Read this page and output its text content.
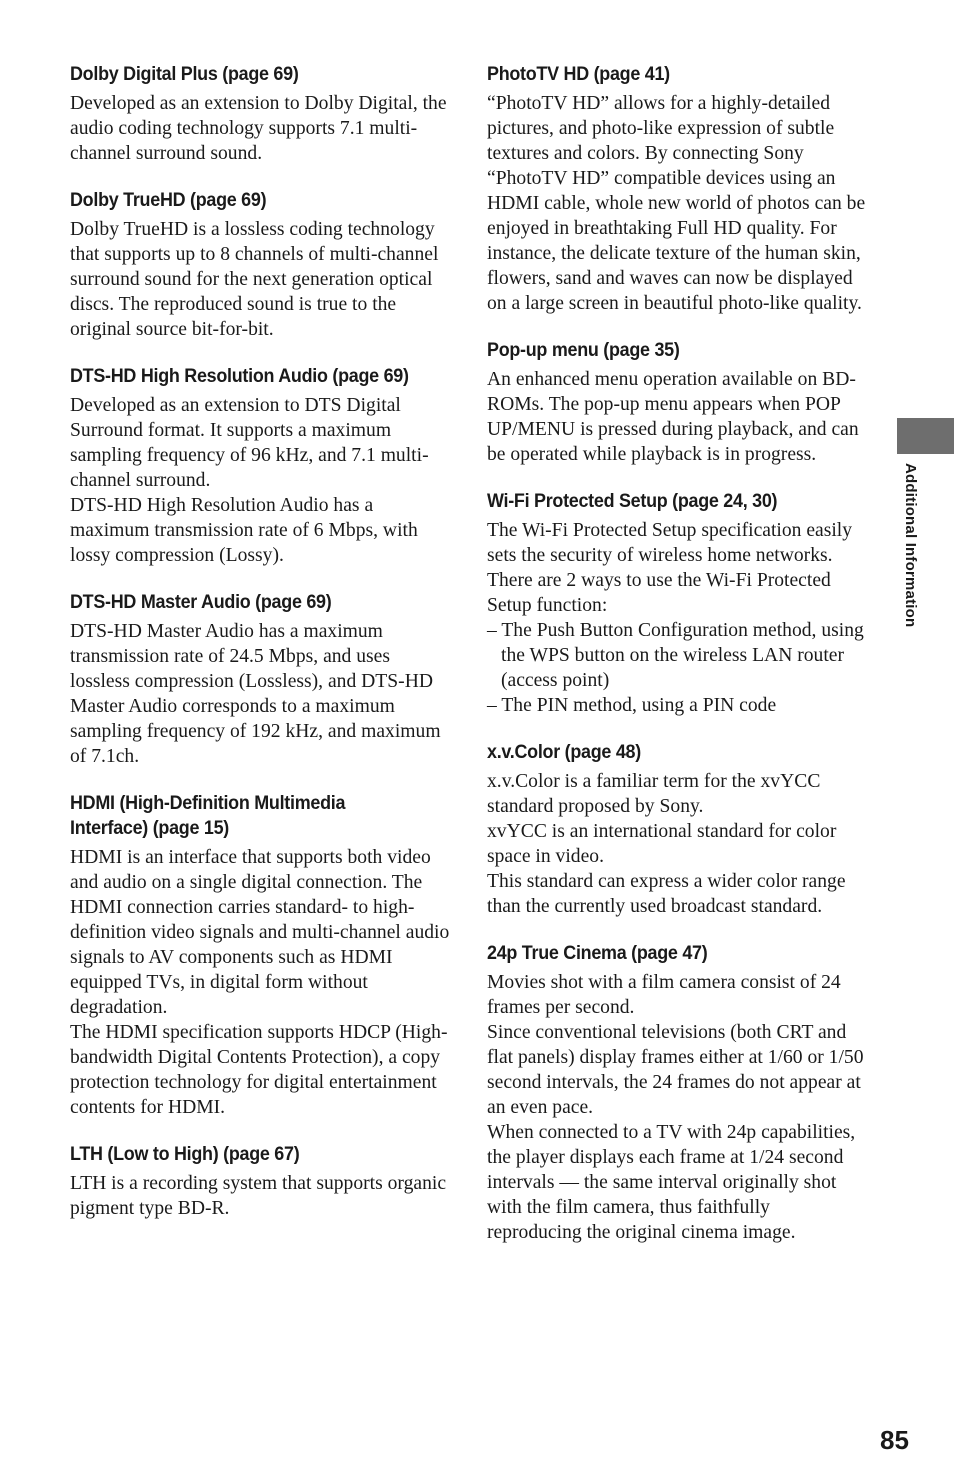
Dolby Digital Plus (page 69)

Developed as an extension to Dolby Digital, the audio coding technology supports 7.1 multi-channel surround sound.

Dolby TrueHD (page 69)

Dolby TrueHD is a lossless coding technology that supports up to 8 channels of multi-channel surround sound for the next generation optical discs. The reproduced sound is true to the original source bit-for-bit.

DTS-HD High Resolution Audio (page 69)

Developed as an extension to DTS Digital Surround format. It supports a maximum sampling frequency of 96 kHz, and 7.1 multi-channel surround.

DTS-HD High Resolution Audio has a maximum transmission rate of 6 Mbps, with lossy compression (Lossy).

DTS-HD Master Audio (page 69)

DTS-HD Master Audio has a maximum transmission rate of 24.5 Mbps, and uses lossless compression (Lossless), and DTS-HD Master Audio corresponds to a maximum sampling frequency of 192 kHz, and maximum of 7.1ch.

HDMI (High-Definition Multimedia Interface) (page 15)

HDMI is an interface that supports both video and audio on a single digital connection. The HDMI connection carries standard- to high-definition video signals and multi-channel audio signals to AV components such as HDMI equipped TVs, in digital form without degradation.

The HDMI specification supports HDCP (High-bandwidth Digital Contents Protection), a copy protection technology for digital entertainment contents for HDMI.

LTH (Low to High) (page 67)

LTH is a recording system that supports organic pigment type BD-R.

PhotoTV HD (page 41)

“PhotoTV HD” allows for a highly-detailed pictures, and photo-like expression of subtle textures and colors. By connecting Sony “PhotoTV HD” compatible devices using an HDMI cable, whole new world of photos can be enjoyed in breathtaking Full HD quality. For instance, the delicate texture of the human skin, flowers, sand and waves can now be displayed on a large screen in beautiful photo-like quality.

Pop-up menu (page 35)

An enhanced menu operation available on BD-ROMs. The pop-up menu appears when POP UP/MENU is pressed during playback, and can be operated while playback is in progress.

Wi-Fi Protected Setup (page 24, 30)

The Wi-Fi Protected Setup specification easily sets the security of wireless home networks.

There are 2 ways to use the Wi-Fi Protected Setup function:

– The Push Button Configuration method, using the WPS button on the wireless LAN router (access point)
– The PIN method, using a PIN code
x.v.Color (page 48)

x.v.Color is a familiar term for the xvYCC standard proposed by Sony.

xvYCC is an international standard for color space in video.

This standard can express a wider color range than the currently used broadcast standard.

24p True Cinema (page 47)

Movies shot with a film camera consist of 24 frames per second.

Since conventional televisions (both CRT and flat panels) display frames either at 1/60 or 1/50 second intervals, the 24 frames do not appear at an even pace.

When connected to a TV with 24p capabilities, the player displays each frame at 1/24 second intervals — the same interval originally shot with the film camera, thus faithfully reproducing the original cinema image.

Additional Information
85
